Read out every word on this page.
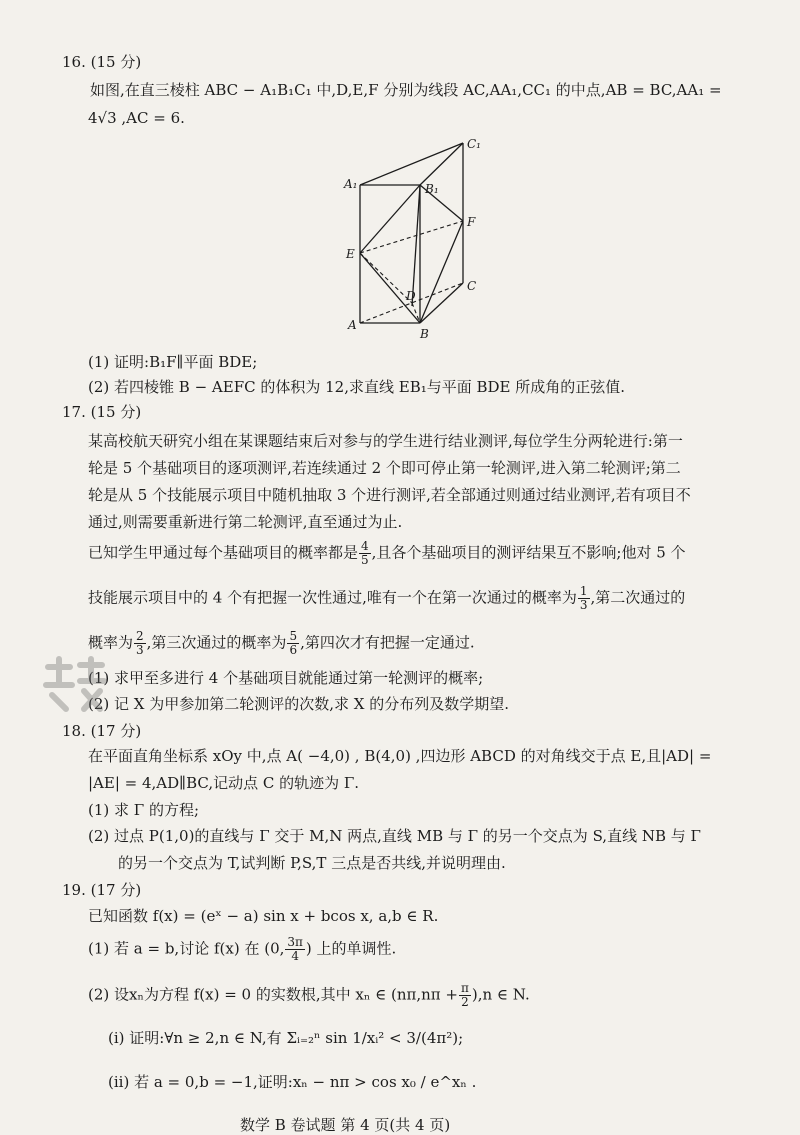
16. (15 分)
如图,在直三棱柱 ABC − A₁B₁C₁ 中,D,E,F 分别为线段 AC,AA₁,CC₁ 的中点,AB = BC,AA₁ =
4√3 ,AC = 6.
A₁	B₁
C₁
E
F
D
C
A
B
(1) 证明:B₁F∥平面 BDE;
(2) 若四棱锥 B − AEFC 的体积为 12,求直线 EB₁与平面 BDE 所成角的正弦值.
17. (15 分)
某高校航天研究小组在某课题结束后对参与的学生进行结业测评,每位学生分两轮进行:第一
轮是 5 个基础项目的逐项测评,若连续通过 2 个即可停止第一轮测评,进入第二轮测评;第二
轮是从 5 个技能展示项目中随机抽取 3 个进行测评,若全部通过则通过结业测评,若有项目不
通过,则需要重新进行第二轮测评,直至通过为止.
已知学生甲通过每个基础项目的概率都是 $\frac{4}{5}$ ,且各个基础项目的测评结果互不影响;他对 5 个
技能展示项目中的 4 个有把握一次性通过,唯有一个在第一次通过的概率为 $\frac{1}{3}$ ,第二次通过的
概率为 $\frac{2}{3}$ ,第三次通过的概率为 $\frac{5}{6}$ ,第四次才有把握一定通过.
(1) 求甲至多进行 4 个基础项目就能通过第一轮测评的概率;
(2) 记 X 为甲参加第二轮测评的次数,求 X 的分布列及数学期望.
18. (17 分)
在平面直角坐标系 xOy 中,点 A( −4,0) , B(4,0) ,四边形 ABCD 的对角线交于点 E,且|AD| =
|AE| = 4,AD∥BC,记动点 C 的轨迹为 Γ.
(1) 求 Γ 的方程;
(2) 过点 P(1,0)的直线与 Γ 交于 M,N 两点,直线 MB 与 Γ 的另一个交点为 S,直线 NB 与 Γ
的另一个交点为 T,试判断 P,S,T 三点是否共线,并说明理由.
19. (17 分)
已知函数 f(x) = (eˣ − a) sin x + bcos x, a,b ∈ R.
(1) 若 a = b,讨论 f(x) 在 (0, $\frac{3\pi}{4}$ ) 上的单调性.
(2) 设xₙ为方程 f(x) = 0 的实数根,其中 xₙ ∈ $(n\pi,n\pi + \frac{\pi}{2} ),n$ ∈ N.
(i) 证明:∀n ≥ 2,n ∈ N,有 Σᵢ₌₂ⁿ sin 1/xᵢ² < 3/(4π²);
(ii) 若 a = 0,b = −1,证明:xₙ − nπ > cos x₀ / e^xₙ .
数学 B 卷试题 第 4 页(共 4 页)
